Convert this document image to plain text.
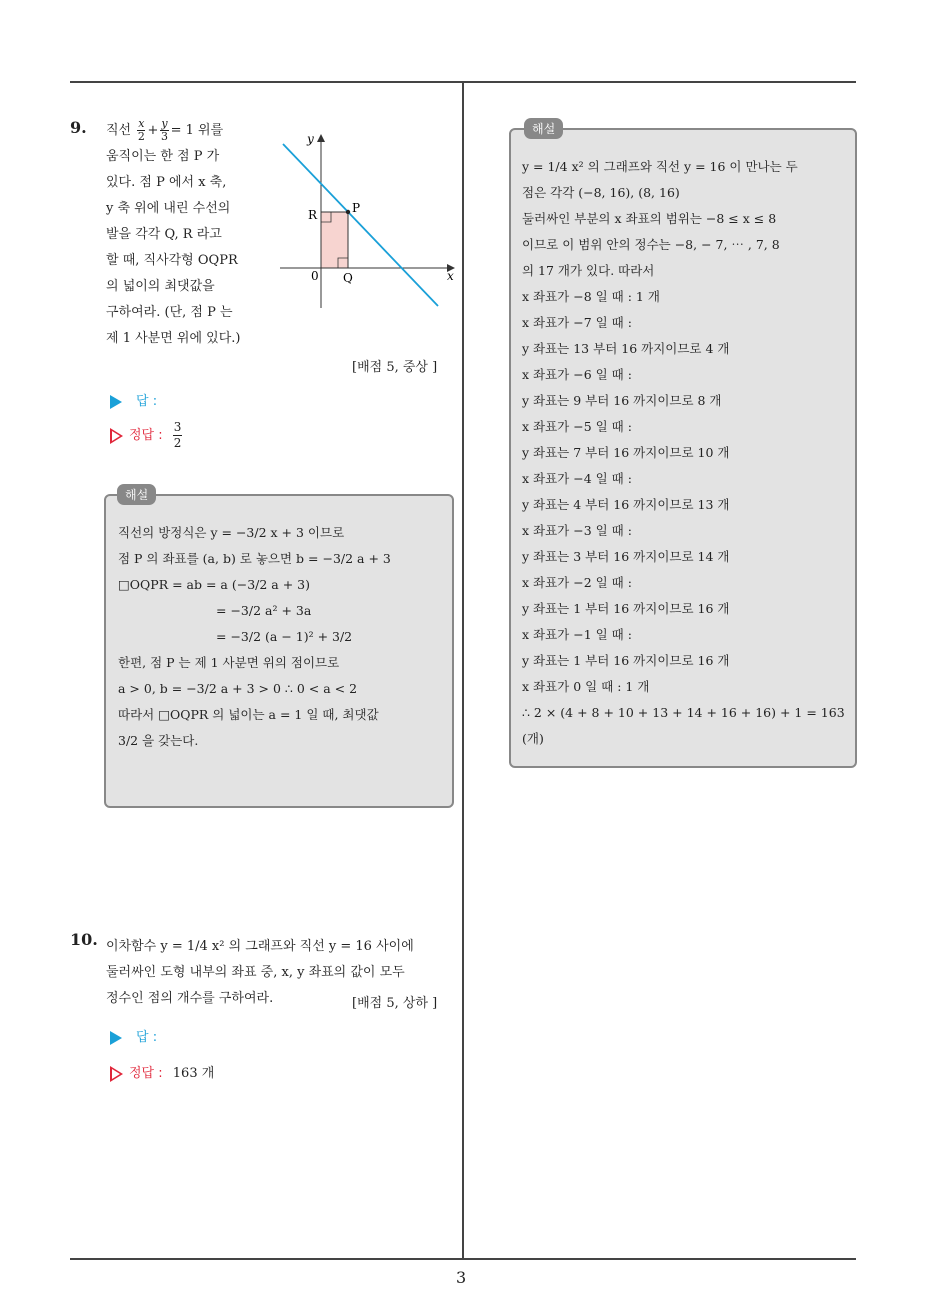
9. 직선 $\frac{x}{2} + \frac{y}{3} = 1$ 위를
움직이는 한 점 P 가
있다. 점 P 에서 x 축,
y 축 위에 내린 수선의
발을 각각 Q, R 라고
할 때, 직사각형 OQPR
의 넓이의 최댓값을
구하여라. (단, 점 P 는
제 1 사분면 위에 있다.)
y
x
0
P
Q
R
[배점 5, 중상 ]
답 :
정답 : $\frac{3}{2}$
해설
직선의 방정식은 y = −3/2 x + 3 이므로
점 P 의 좌표를 (a, b) 로 놓으면 b = −3/2 a + 3
□OQPR = ab = a (−3/2 a + 3)
= −3/2 a² + 3a
= −3/2 (a − 1)² + 3/2
한편, 점 P 는 제 1 사분면 위의 점이므로
a > 0, b = −3/2 a + 3 > 0 ∴ 0 < a < 2
따라서 □OQPR 의 넓이는 a = 1 일 때, 최댓값
3/2 을 갖는다.
10. 이차함수 y = 1/4 x² 의 그래프와 직선 y = 16 사이에
둘러싸인 도형 내부의 좌표 중, x, y 좌표의 값이 모두
정수인 점의 개수를 구하여라.	[배점 5, 상하 ]
답 :
정답 : 163 개
해설
y = 1/4 x² 의 그래프와 직선 y = 16 이 만나는 두
점은 각각 (−8, 16), (8, 16)
둘러싸인 부분의 x 좌표의 범위는 −8 ≤ x ≤ 8
이므로 이 범위 안의 정수는 −8, − 7, ⋯ , 7, 8
의 17 개가 있다. 따라서
x 좌표가 −8 일 때 : 1 개
x 좌표가 −7 일 때 :
y 좌표는 13 부터 16 까지이므로 4 개
x 좌표가 −6 일 때 :
y 좌표는 9 부터 16 까지이므로 8 개
x 좌표가 −5 일 때 :
y 좌표는 7 부터 16 까지이므로 10 개
x 좌표가 −4 일 때 :
y 좌표는 4 부터 16 까지이므로 13 개
x 좌표가 −3 일 때 :
y 좌표는 3 부터 16 까지이므로 14 개
x 좌표가 −2 일 때 :
y 좌표는 1 부터 16 까지이므로 16 개
x 좌표가 −1 일 때 :
y 좌표는 1 부터 16 까지이므로 16 개
x 좌표가 0 일 때 : 1 개
∴ 2 × (4 + 8 + 10 + 13 + 14 + 16 + 16) + 1 = 163
(개)
3
